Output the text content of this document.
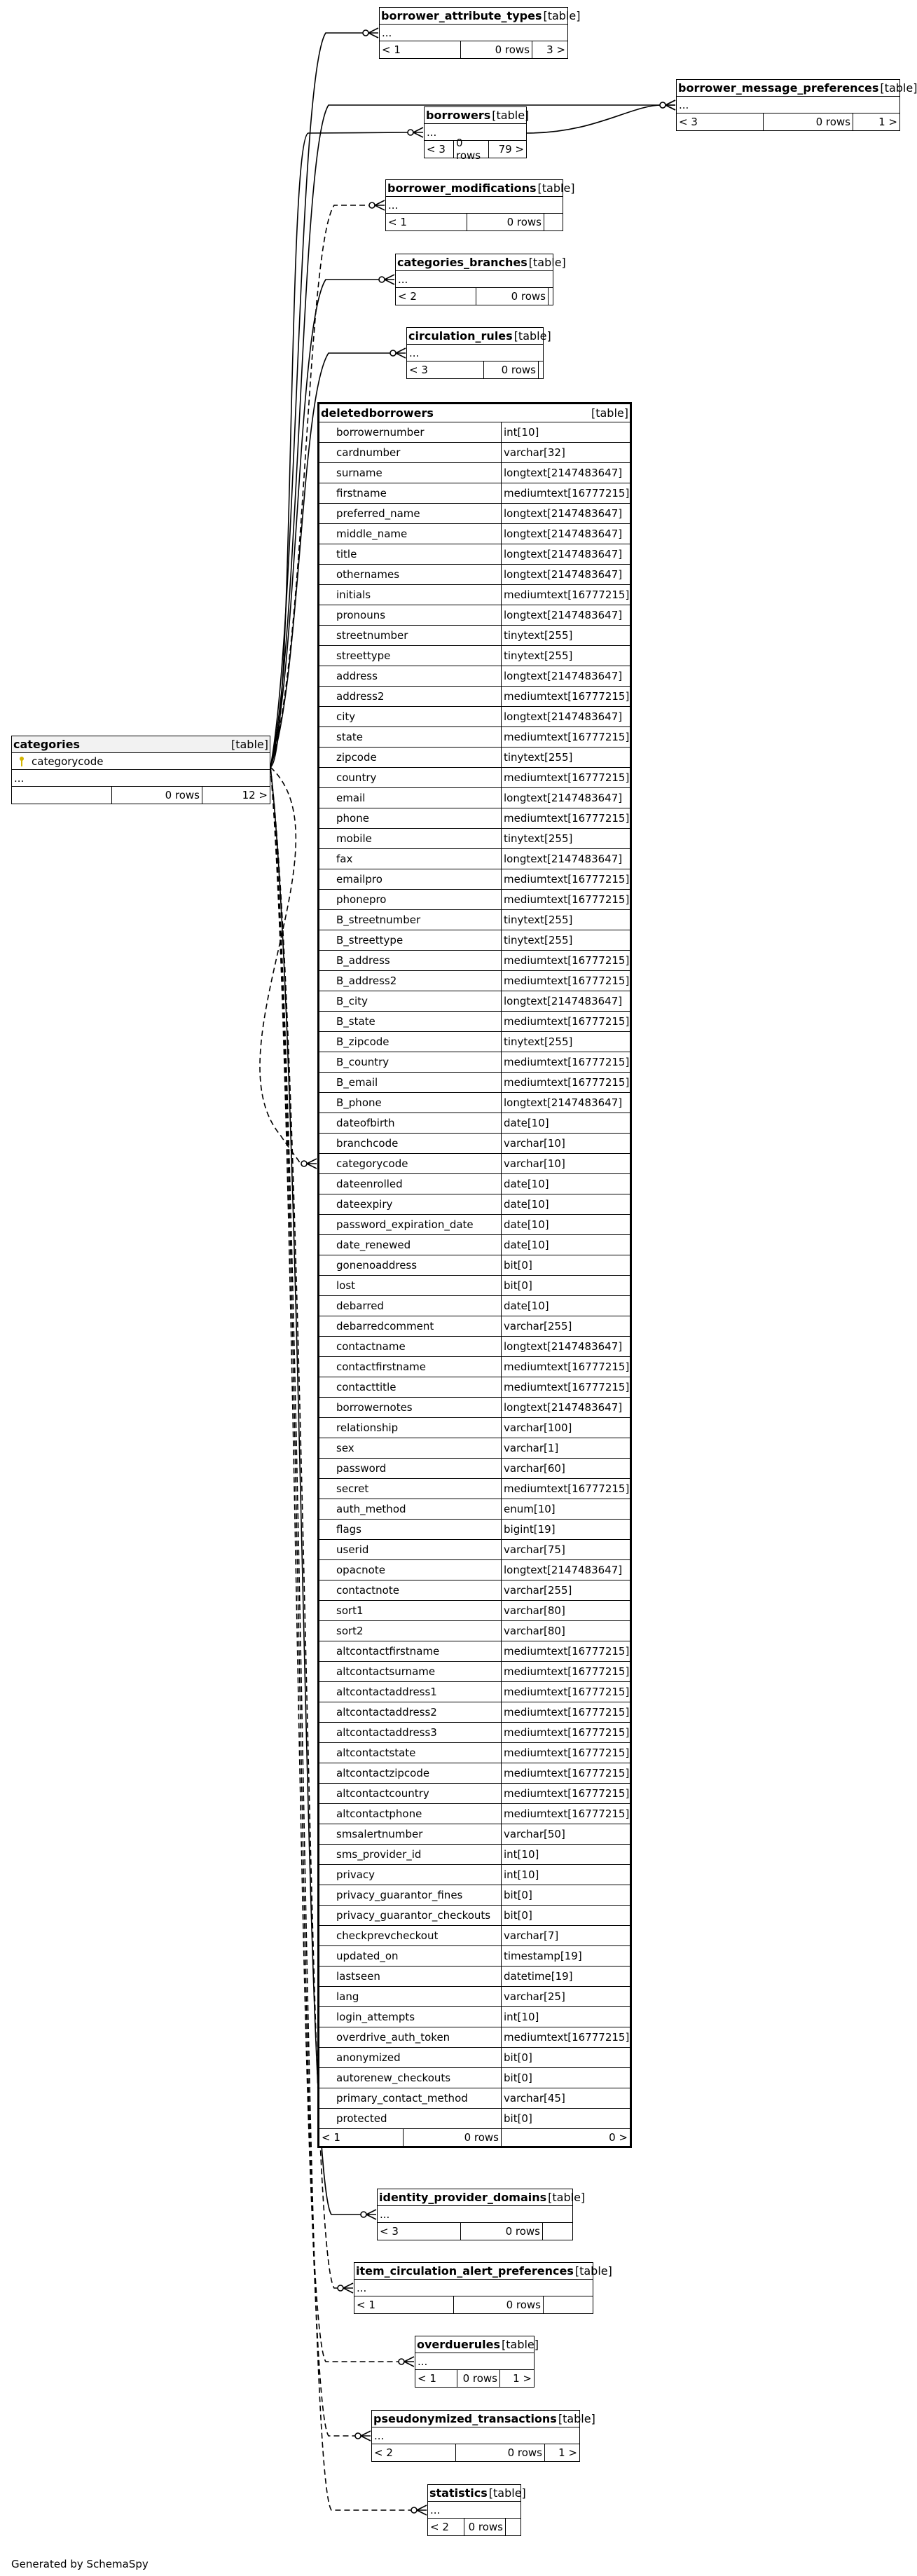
categories	[table]
categorycode
...
0 rows	12 >
borrower_attribute_types [table]
...
< 1	0 rows	3 >
borrower_message_preferences [table]
...
< 3	0 rows	1 >
borrowers [table]
...
< 3	0 rows	79 >
borrower_modifications [table]
...
< 1	0 rows
categories_branches [table]
...
< 2	0 rows
circulation_rules [table]
...
< 3	0 rows
identity_provider_domains [table]
...
< 3	0 rows
item_circulation_alert_preferences [table]
...
< 1	0 rows
overduerules [table]
...
< 1	0 rows	1 >
pseudonymized_transactions [table]
...
< 2	0 rows	1 >
statistics [table]
...
< 2	0 rows
deletedborrowers	[table]
borrowernumber	int[10]
cardnumber	varchar[32]
surname	longtext[2147483647]
firstname	mediumtext[16777215]
preferred_name	longtext[2147483647]
middle_name	longtext[2147483647]
title	longtext[2147483647]
othernames	longtext[2147483647]
initials	mediumtext[16777215]
pronouns	longtext[2147483647]
streetnumber	tinytext[255]
streettype	tinytext[255]
address	longtext[2147483647]
address2	mediumtext[16777215]
city	longtext[2147483647]
state	mediumtext[16777215]
zipcode	tinytext[255]
country	mediumtext[16777215]
email	longtext[2147483647]
phone	mediumtext[16777215]
mobile	tinytext[255]
fax	longtext[2147483647]
emailpro	mediumtext[16777215]
phonepro	mediumtext[16777215]
B_streetnumber	tinytext[255]
B_streettype	tinytext[255]
B_address	mediumtext[16777215]
B_address2	mediumtext[16777215]
B_city	longtext[2147483647]
B_state	mediumtext[16777215]
B_zipcode	tinytext[255]
B_country	mediumtext[16777215]
B_email	mediumtext[16777215]
B_phone	longtext[2147483647]
dateofbirth	date[10]
branchcode	varchar[10]
categorycode	varchar[10]
dateenrolled	date[10]
dateexpiry	date[10]
password_expiration_date	date[10]
date_renewed	date[10]
gonenoaddress	bit[0]
lost	bit[0]
debarred	date[10]
debarredcomment	varchar[255]
contactname	longtext[2147483647]
contactfirstname	mediumtext[16777215]
contacttitle	mediumtext[16777215]
borrowernotes	longtext[2147483647]
relationship	varchar[100]
sex	varchar[1]
password	varchar[60]
secret	mediumtext[16777215]
auth_method	enum[10]
flags	bigint[19]
userid	varchar[75]
opacnote	longtext[2147483647]
contactnote	varchar[255]
sort1	varchar[80]
sort2	varchar[80]
altcontactfirstname	mediumtext[16777215]
altcontactsurname	mediumtext[16777215]
altcontactaddress1	mediumtext[16777215]
altcontactaddress2	mediumtext[16777215]
altcontactaddress3	mediumtext[16777215]
altcontactstate	mediumtext[16777215]
altcontactzipcode	mediumtext[16777215]
altcontactcountry	mediumtext[16777215]
altcontactphone	mediumtext[16777215]
smsalertnumber	varchar[50]
sms_provider_id	int[10]
privacy	int[10]
privacy_guarantor_fines	bit[0]
privacy_guarantor_checkouts	bit[0]
checkprevcheckout	varchar[7]
updated_on	timestamp[19]
lastseen	datetime[19]
lang	varchar[25]
login_attempts	int[10]
overdrive_auth_token	mediumtext[16777215]
anonymized	bit[0]
autorenew_checkouts	bit[0]
primary_contact_method	varchar[45]
protected	bit[0]
< 1	0 rows	0 >
Generated by SchemaSpy
